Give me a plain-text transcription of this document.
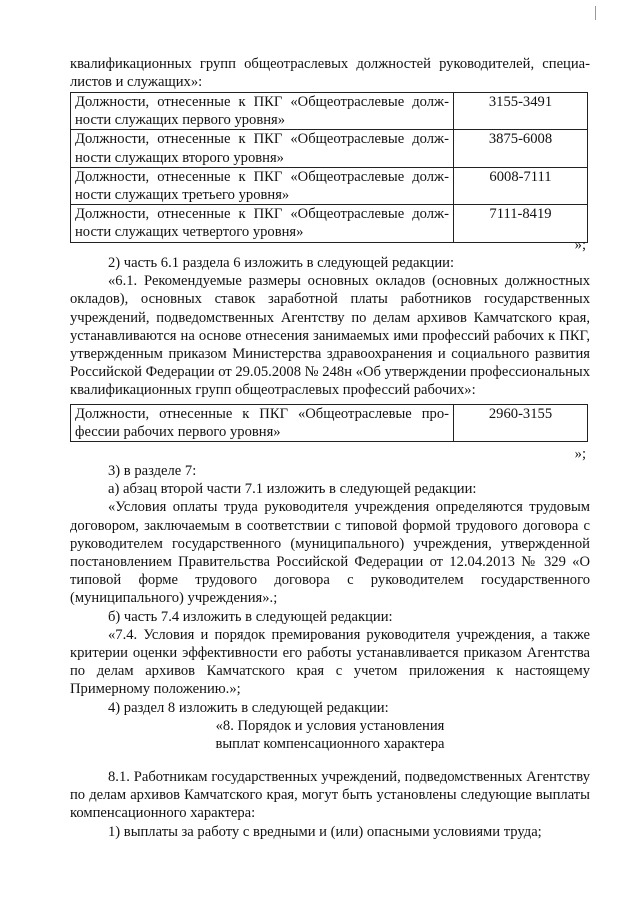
квалификационных групп общеотраслевых должностей руководителей, специа-
листов и служащих»:
Должности, отнесенные к ПКГ «Общеотраслевые долж-
ности служащих первого уровня»	3155-3491

Должности, отнесенные к ПКГ «Общеотраслевые долж-
ности служащих второго уровня»	3875-6008

Должности, отнесенные к ПКГ «Общеотраслевые долж-
ности служащих третьего уровня»	6008-7111

Должности, отнесенные к ПКГ «Общеотраслевые долж-
ности служащих четвертого уровня»	7111-8419
»;
2) часть 6.1 раздела 6 изложить в следующей редакции:
«6.1. Рекомендуемые размеры основных окладов (основных должностных окладов), основных ставок заработной платы работников государственных учреждений, подведомственных Агентству по делам архивов Камчатского края, устанавливаются на основе отнесения занимаемых ими профессий рабочих к ПКГ, утвержденным приказом Министерства здравоохранения и социального развития Российской Федерации от 29.05.2008 № 248н «Об утверждении профессиональных квалификационных групп общеотраслевых профессий рабочих»:
Должности, отнесенные к ПКГ «Общеотраслевые про-
фессии рабочих первого уровня»
	2960-3155
»;
3) в разделе 7:
а) абзац второй части 7.1 изложить в следующей редакции:
«Условия оплаты труда руководителя учреждения определяются трудовым договором, заключаемым в соответствии с типовой формой трудового договора с руководителем государственного (муниципального) учреждения, утвержденной постановлением Правительства Российской Федерации от 12.04.2013 № 329 «О типовой форме трудового договора с руководителем государственного (муниципального) учреждения».;
б) часть 7.4 изложить в следующей редакции:
«7.4. Условия и порядок премирования руководителя учреждения, а также критерии оценки эффективности его работы устанавливается приказом Агентства по делам архивов Камчатского края с учетом приложения к настоящему Примерному положению.»;
4) раздел 8 изложить в следующей редакции:
«8. Порядок и условия установления
выплат компенсационного характера
8.1. Работникам государственных учреждений, подведомственных Агентству по делам архивов Камчатского края, могут быть установлены следующие выплаты компенсационного характера:
1) выплаты за работу с вредными и (или) опасными условиями труда;
